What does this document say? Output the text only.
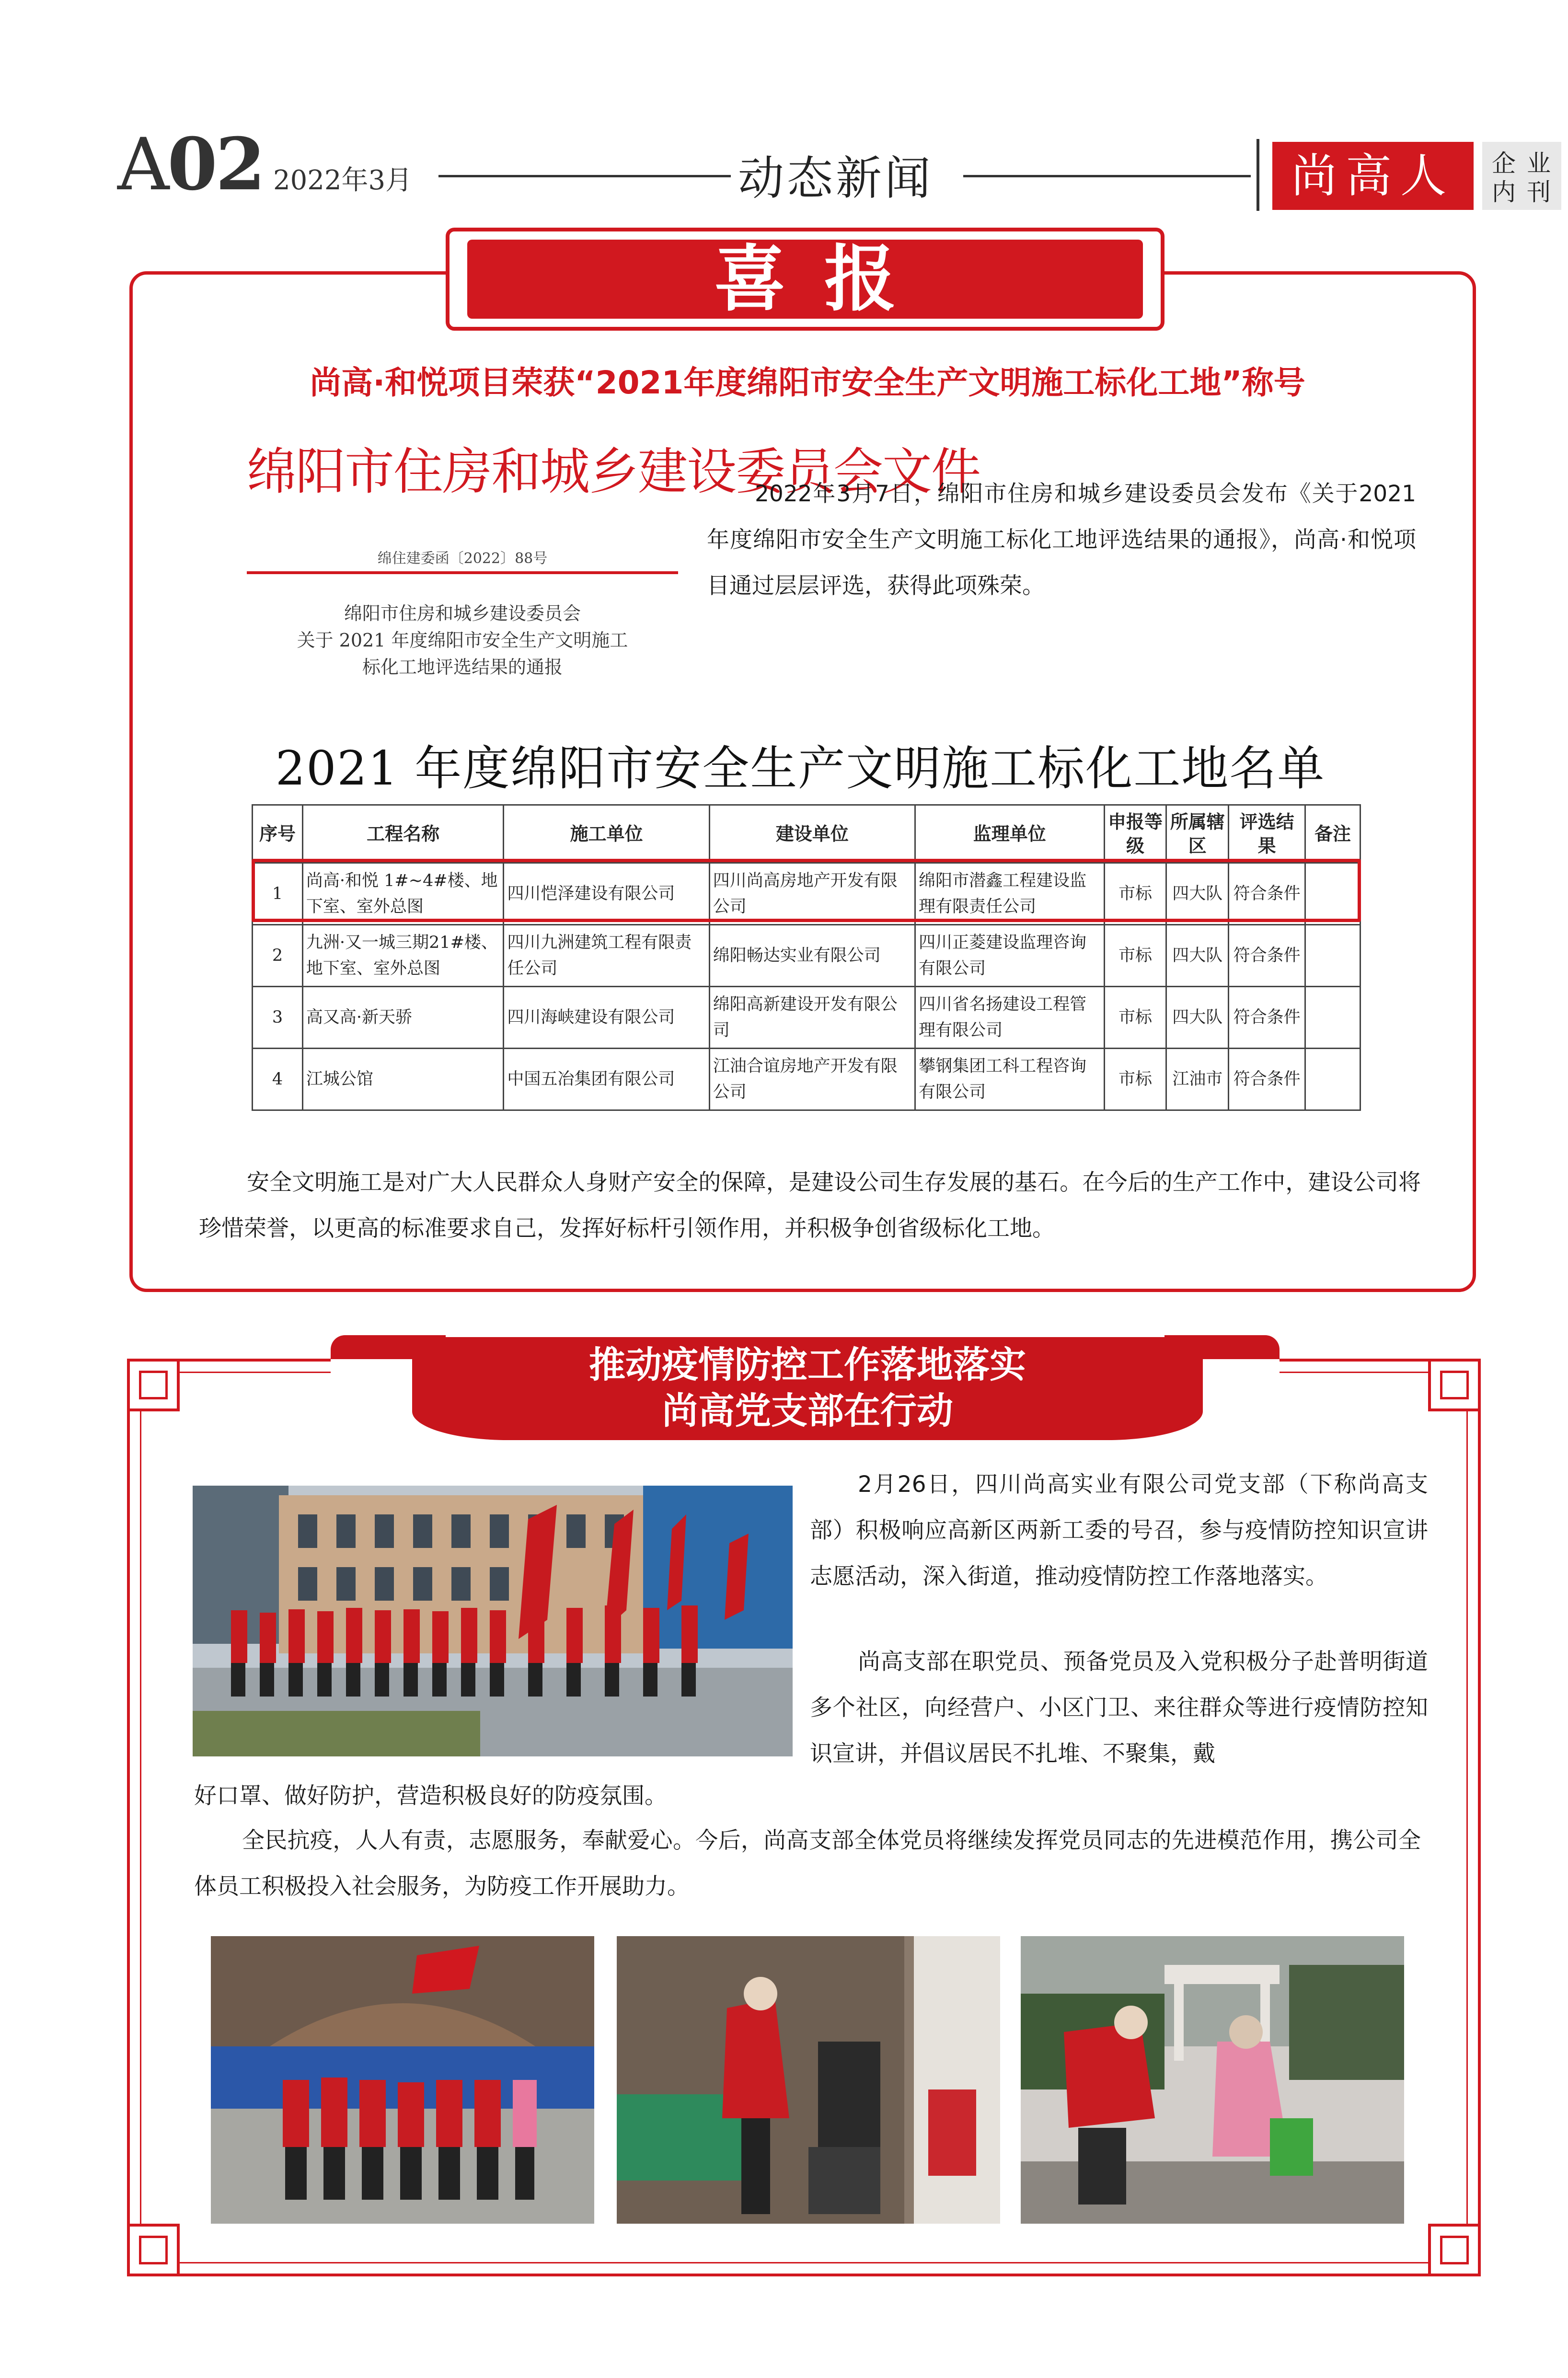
A02 2022年3月	动态新闻	尚高人	企 业
内 刊
喜报
尚高·和悦项目荣获“2021年度绵阳市安全生产文明施工标化工地”称号
绵阳市住房和城乡建设委员会文件
绵住建委函〔2022〕88号
绵阳市住房和城乡建设委员会
关于 2021 年度绵阳市安全生产文明施工
标化工地评选结果的通报
2022年3月7日，绵阳市住房和城乡建设委员会发布《关于2021 年度绵阳市安全生产文明施工标化工地评选结果的通报》，尚高·和悦项目通过层层评选，获得此项殊荣。
2021 年度绵阳市安全生产文明施工标化工地名单
序号	工程名称	施工单位	建设单位	监理单位	申报等级	所属辖区	评选结果	备注
1	尚高·和悦 1#~4#楼、地下室、室外总图	四川恺泽建设有限公司	四川尚高房地产开发有限公司	绵阳市潜鑫工程建设监理有限责任公司	市标	四大队	符合条件	
2	九洲·又一城三期21#楼、地下室、室外总图	四川九洲建筑工程有限责任公司	绵阳畅达实业有限公司	四川正菱建设监理咨询有限公司	市标	四大队	符合条件	
3	高又高·新天骄	四川海峡建设有限公司	绵阳高新建设开发有限公司	四川省名扬建设工程管理有限公司	市标	四大队	符合条件	
4	江城公馆	中国五冶集团有限公司	江油合谊房地产开发有限公司	攀钢集团工科工程咨询有限公司	市标	江油市	符合条件	
安全文明施工是对广大人民群众人身财产安全的保障，是建设公司生存发展的基石。在今后的生产工作中，建设公司将珍惜荣誉，以更高的标准要求自己，发挥好标杆引领作用，并积极争创省级标化工地。
推动疫情防控工作落地落实
尚高党支部在行动
2月26日，四川尚高实业有限公司党支部（下称尚高支部）积极响应高新区两新工委的号召，参与疫情防控知识宣讲志愿活动，深入街道，推动疫情防控工作落地落实。
尚高支部在职党员、预备党员及入党积极分子赴普明街道多个社区，向经营户、小区门卫、来往群众等进行疫情防控知识宣讲，并倡议居民不扎堆、不聚集，戴
好口罩、做好防护，营造积极良好的防疫氛围。
全民抗疫，人人有责，志愿服务，奉献爱心。今后，尚高支部全体党员将继续发挥党员同志的先进模范作用，携公司全体员工积极投入社会服务，为防疫工作开展助力。
